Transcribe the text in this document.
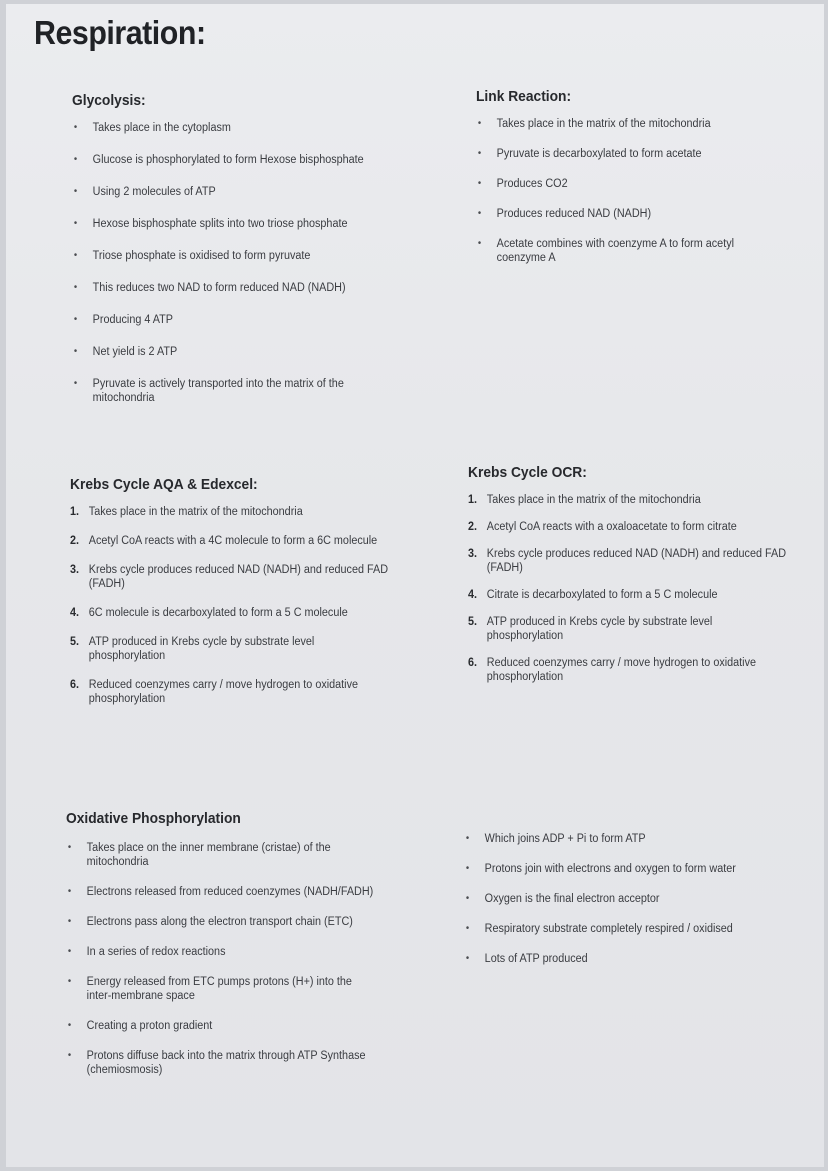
Respiration:
Glycolysis:
• Takes place in the cytoplasm
• Glucose is phosphorylated to form Hexose bisphosphate
• Using 2 molecules of ATP
• Hexose bisphosphate splits into two triose phosphate
• Triose phosphate is oxidised to form pyruvate
• This reduces two NAD to form reduced NAD (NADH)
• Producing 4 ATP
• Net yield is 2 ATP
• Pyruvate is actively transported into the matrix of the mitochondria
Link Reaction:
• Takes place in the matrix of the mitochondria
• Pyruvate is decarboxylated to form acetate
• Produces CO2
• Produces reduced NAD (NADH)
• Acetate combines with coenzyme A to form acetyl coenzyme A
Krebs Cycle AQA & Edexcel:
1. Takes place in the matrix of the mitochondria
2. Acetyl CoA reacts with a 4C molecule to form a 6C molecule
3. Krebs cycle produces reduced NAD (NADH) and reduced FAD (FADH)
4. 6C molecule is decarboxylated to form a 5 C molecule
5. ATP produced in Krebs cycle by substrate level phosphorylation
6. Reduced coenzymes carry / move hydrogen to oxidative phosphorylation
Krebs Cycle OCR:
1. Takes place in the matrix of the mitochondria
2. Acetyl CoA reacts with a oxaloacetate to form citrate
3. Krebs cycle produces reduced NAD (NADH) and reduced FAD (FADH)
4. Citrate is decarboxylated to form a 5 C molecule
5. ATP produced in Krebs cycle by substrate level phosphorylation
6. Reduced coenzymes carry / move hydrogen to oxidative phosphorylation
Oxidative Phosphorylation
• Takes place on the inner membrane (cristae) of the mitochondria
• Electrons released from reduced coenzymes (NADH/FADH)
• Electrons pass along the electron transport chain (ETC)
• In a series of redox reactions
• Energy released from ETC pumps protons (H+) into the inter-membrane space
• Creating a proton gradient
• Protons diffuse back into the matrix through ATP Synthase (chemiosmosis)
• Which joins ADP + Pi to form ATP
• Protons join with electrons and oxygen to form water
• Oxygen is the final electron acceptor
• Respiratory substrate completely respired / oxidised
• Lots of ATP produced
